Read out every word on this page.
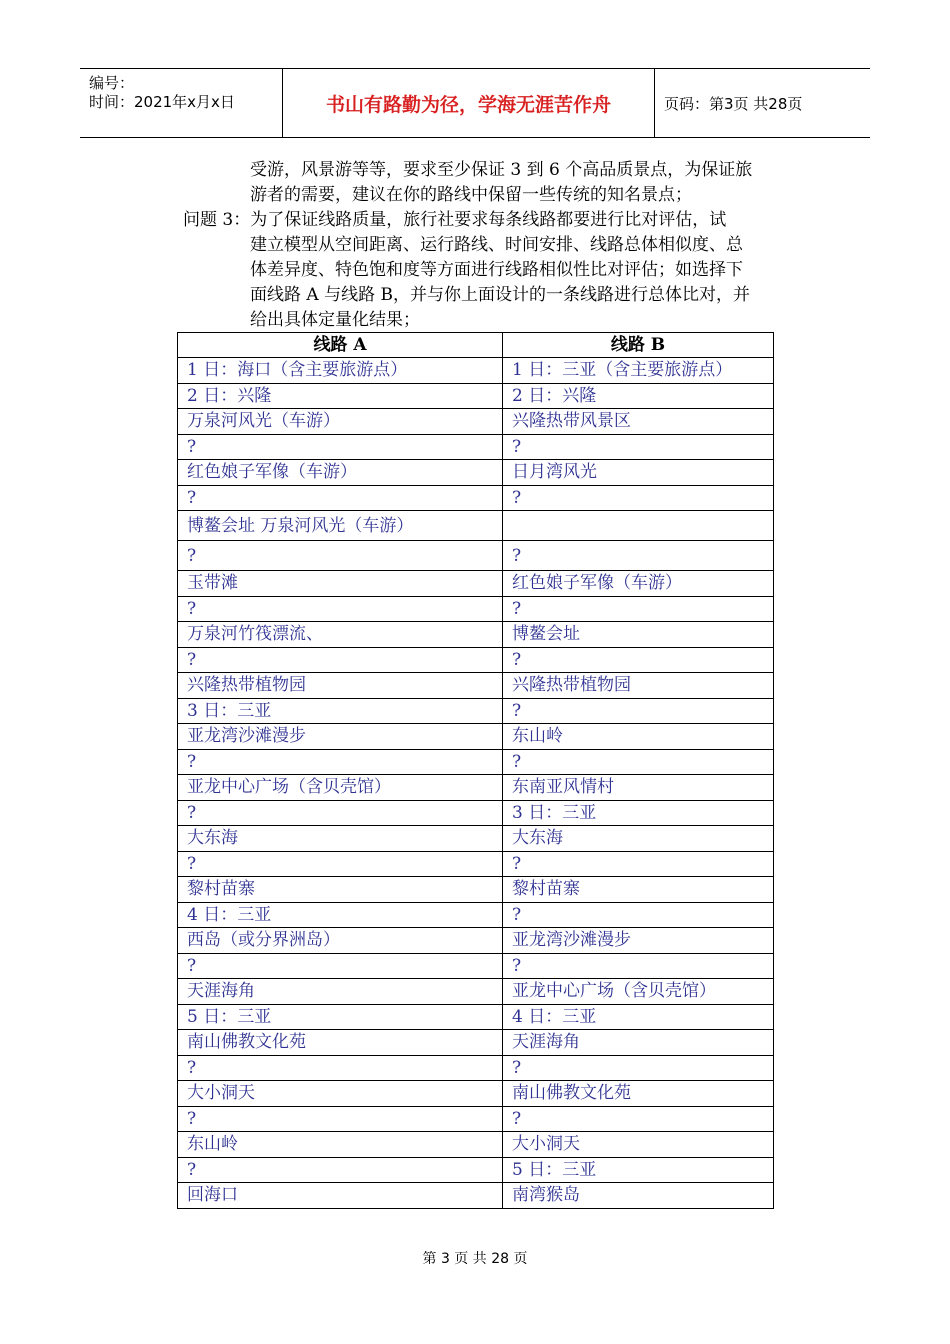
编号：
时间：2021年x月x日	书山有路勤为径，学海无涯苦作舟	页码：第3页 共28页
受游，风景游等等，要求至少保证 3 到 6 个高品质景点，为保证旅
游者的需要，建议在你的路线中保留一些传统的知名景点；
问题 3：为了保证线路质量，旅行社要求每条线路都要进行比对评估，试
建立模型从空间距离、运行路线、时间安排、线路总体相似度、总
体差异度、特色饱和度等方面进行线路相似性比对评估；如选择下
面线路 A 与线路 B，并与你上面设计的一条线路进行总体比对，并
给出具体定量化结果；
线路 A	线路 B
1 日：海口（含主要旅游点）	1 日：三亚（含主要旅游点）
2 日：兴隆	2 日：兴隆
万泉河风光（车游）	兴隆热带风景区
?	?
红色娘子军像（车游）	日月湾风光
?	?
博鳌会址 万泉河风光（车游）	
?	?
玉带滩	红色娘子军像（车游）
?	?
万泉河竹筏漂流、	博鳌会址
?	?
兴隆热带植物园	兴隆热带植物园
3 日：三亚	?
亚龙湾沙滩漫步	东山岭
?	?
亚龙中心广场（含贝壳馆）	东南亚风情村
?	3 日：三亚
大东海	大东海
?	?
黎村苗寨	黎村苗寨
4 日：三亚	?
西岛（或分界洲岛）	亚龙湾沙滩漫步
?	?
天涯海角	亚龙中心广场（含贝壳馆）
5 日：三亚	4 日：三亚
南山佛教文化苑	天涯海角
?	?
大小洞天	南山佛教文化苑
?	?
东山岭	大小洞天
?	5 日：三亚
回海口	南湾猴岛
第 3 页 共 28 页
